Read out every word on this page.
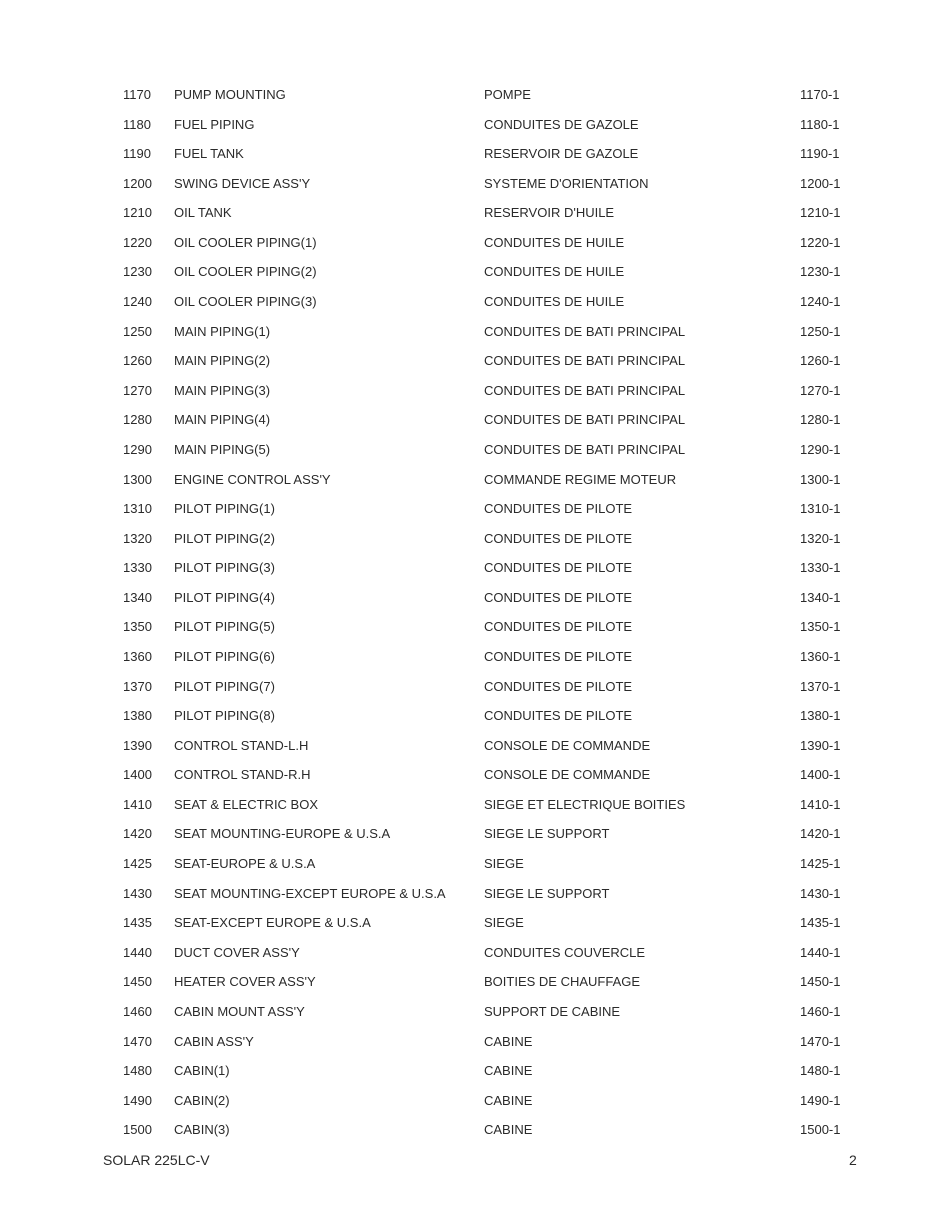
1170 PUMP MOUNTING	POMPE	1170-1
1180 FUEL PIPING	CONDUITES DE GAZOLE	1180-1
1190 FUEL TANK	RESERVOIR DE GAZOLE	1190-1
1200 SWING DEVICE ASS'Y	SYSTEME D'ORIENTATION	1200-1
1210 OIL TANK	RESERVOIR D'HUILE	1210-1
1220 OIL COOLER PIPING(1)	CONDUITES DE HUILE	1220-1
1230 OIL COOLER PIPING(2)	CONDUITES DE HUILE	1230-1
1240 OIL COOLER PIPING(3)	CONDUITES DE HUILE	1240-1
1250 MAIN PIPING(1)	CONDUITES DE BATI PRINCIPAL	1250-1
1260 MAIN PIPING(2)	CONDUITES DE BATI PRINCIPAL	1260-1
1270 MAIN PIPING(3)	CONDUITES DE BATI PRINCIPAL	1270-1
1280 MAIN PIPING(4)	CONDUITES DE BATI PRINCIPAL	1280-1
1290 MAIN PIPING(5)	CONDUITES DE BATI PRINCIPAL	1290-1
1300 ENGINE CONTROL ASS'Y	COMMANDE REGIME MOTEUR	1300-1
1310 PILOT PIPING(1)	CONDUITES DE PILOTE	1310-1
1320 PILOT PIPING(2)	CONDUITES DE PILOTE	1320-1
1330 PILOT PIPING(3)	CONDUITES DE PILOTE	1330-1
1340 PILOT PIPING(4)	CONDUITES DE PILOTE	1340-1
1350 PILOT PIPING(5)	CONDUITES DE PILOTE	1350-1
1360 PILOT PIPING(6)	CONDUITES DE PILOTE	1360-1
1370 PILOT PIPING(7)	CONDUITES DE PILOTE	1370-1
1380 PILOT PIPING(8)	CONDUITES DE PILOTE	1380-1
1390 CONTROL STAND-L.H	CONSOLE DE COMMANDE	1390-1
1400 CONTROL STAND-R.H	CONSOLE DE COMMANDE	1400-1
1410 SEAT & ELECTRIC BOX	SIEGE ET ELECTRIQUE BOITIES	1410-1
1420 SEAT MOUNTING-EUROPE & U.S.A	SIEGE LE SUPPORT	1420-1
1425 SEAT-EUROPE & U.S.A	SIEGE	1425-1
1430 SEAT MOUNTING-EXCEPT EUROPE & U.S.A	SIEGE LE SUPPORT	1430-1
1435 SEAT-EXCEPT EUROPE & U.S.A	SIEGE	1435-1
1440 DUCT COVER ASS'Y	CONDUITES COUVERCLE	1440-1
1450 HEATER COVER ASS'Y	BOITIES DE CHAUFFAGE	1450-1
1460 CABIN MOUNT ASS'Y	SUPPORT DE CABINE	1460-1
1470 CABIN ASS'Y	CABINE	1470-1
1480 CABIN(1)	CABINE	1480-1
1490 CABIN(2)	CABINE	1490-1
1500 CABIN(3)	CABINE	1500-1
SOLAR 225LC-V	2
